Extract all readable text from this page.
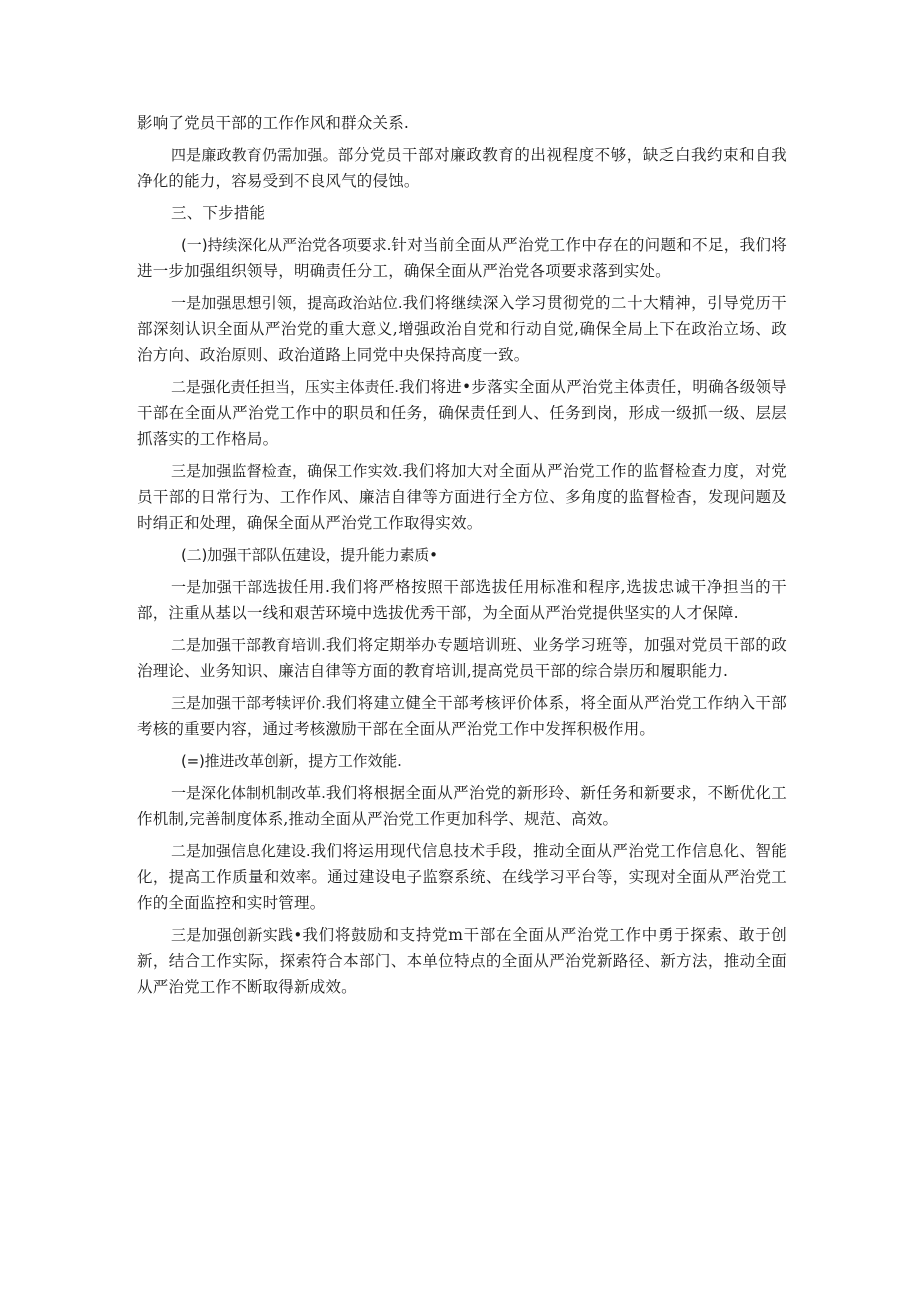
影响了党员干部的工作作风和群众关系.

四是廉政教育仍需加强。部分党员干部对廉政教育的出视程度不够，缺乏白我约束和自我净化的能力，容易受到不良风气的侵蚀。

三、下步措能

(一)持续深化从严治党各项要求.针对当前全面从严治党工作中存在的问题和不足，我们将进一步加强组织领导，明确责任分工，确保全面从严治党各项要求落到实处。

一是加强思想引领，提高政治站位.我们将继续深入学习贯彻党的二十大精神，引导党历干部深刻认识全面从严治党的重大意义,增强政治自党和行动自觉,确保全局上下在政治立场、政治方向、政治原则、政治道路上同党中央保持高度一致。

二是强化责任担当，压实主体责任.我们将进•步落实全面从严治党主体责任，明确各级领导干部在全面从严治党工作中的职员和任务，确保责任到人、任务到岗，形成一级抓一级、层层抓落实的工作格局。

三是加强监督检查，确保工作实效.我们将加大对全面从严治党工作的监督检查力度，对党员干部的日常行为、工作作风、廉洁自律等方面进行全方位、多角度的监督检杳，发现问题及时绢正和处理，确保全面从严治党工作取得实效。

(二)加强干部队伍建设，提升能力素质•

一是加强干部选拔任用.我们将严格按照干部选拔任用标准和程序,选拔忠诚干净担当的干部，注重从基以一线和艰苦环境中选拔优秀干部，为全面从严治党提供坚实的人才保障.

二是加强干部教育培训.我们将定期举办专题培训班、业务学习班等，加强对党员干部的政治理论、业务知识、廉洁自律等方面的教育培训,提高党员干部的综合崇历和履职能力.

三是加强干部考犊评价.我们将建立健全干部考核评价体系，将全面从严治党工作纳入干部考核的重要内容，通过考核激励干部在全面从严治党工作中发挥积极作用。

(=)推进改革创新，提方工作效能.

一是深化体制机制改革.我们将根据全面从严治党的新形玲、新任务和新要求，不断优化工作机制,完善制度体系,推动全面从严治党工作更加科学、规范、高效。

二是加强信息化建设.我们将运用现代信息技术手段，推动全面从严治党工作信息化、智能化，提高工作质量和效率。通过建设电子监察系统、在线学习平台等，实现对全面从严治党工作的全面监控和实时管理。

三是加强创新实践•我们将鼓励和支持党m干部在全面从严治党工作中勇于探索、敢于创新，结合工作实际，探索符合本部门、本单位特点的全面从严治党新路径、新方法，推动全面从严治党工作不断取得新成效。
